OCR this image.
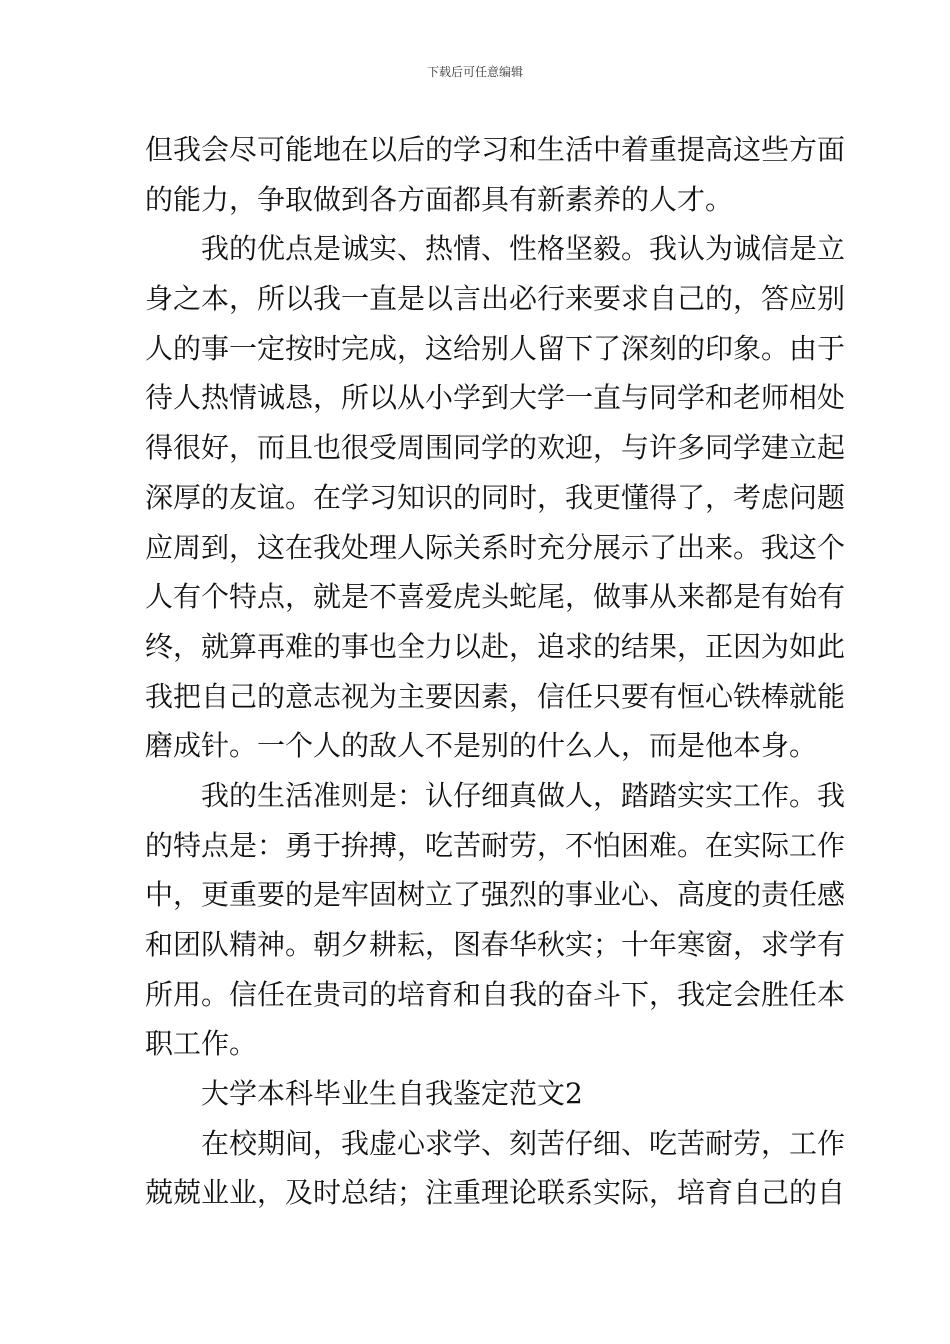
下载后可任意编辑
但我会尽可能地在以后的学习和生活中着重提高这些方面
的能力，争取做到各方面都具有新素养的人才。
我的优点是诚实、热情、性格坚毅。我认为诚信是立
身之本，所以我一直是以言出必行来要求自己的，答应别
人的事一定按时完成，这给别人留下了深刻的印象。由于
待人热情诚恳，所以从小学到大学一直与同学和老师相处
得很好，而且也很受周围同学的欢迎，与许多同学建立起
深厚的友谊。在学习知识的同时，我更懂得了，考虑问题
应周到，这在我处理人际关系时充分展示了出来。我这个
人有个特点，就是不喜爱虎头蛇尾，做事从来都是有始有
终，就算再难的事也全力以赴，追求的结果，正因为如此
我把自己的意志视为主要因素，信任只要有恒心铁棒就能
磨成针。一个人的敌人不是别的什么人，而是他本身。
我的生活准则是：认仔细真做人，踏踏实实工作。我
的特点是：勇于拚搏，吃苦耐劳，不怕困难。在实际工作
中，更重要的是牢固树立了强烈的事业心、高度的责任感
和团队精神。朝夕耕耘，图春华秋实；十年寒窗，求学有
所用。信任在贵司的培育和自我的奋斗下，我定会胜任本
职工作。
大学本科毕业生自我鉴定范文2
在校期间，我虚心求学、刻苦仔细、吃苦耐劳，工作
兢兢业业，及时总结；注重理论联系实际，培育自己的自
